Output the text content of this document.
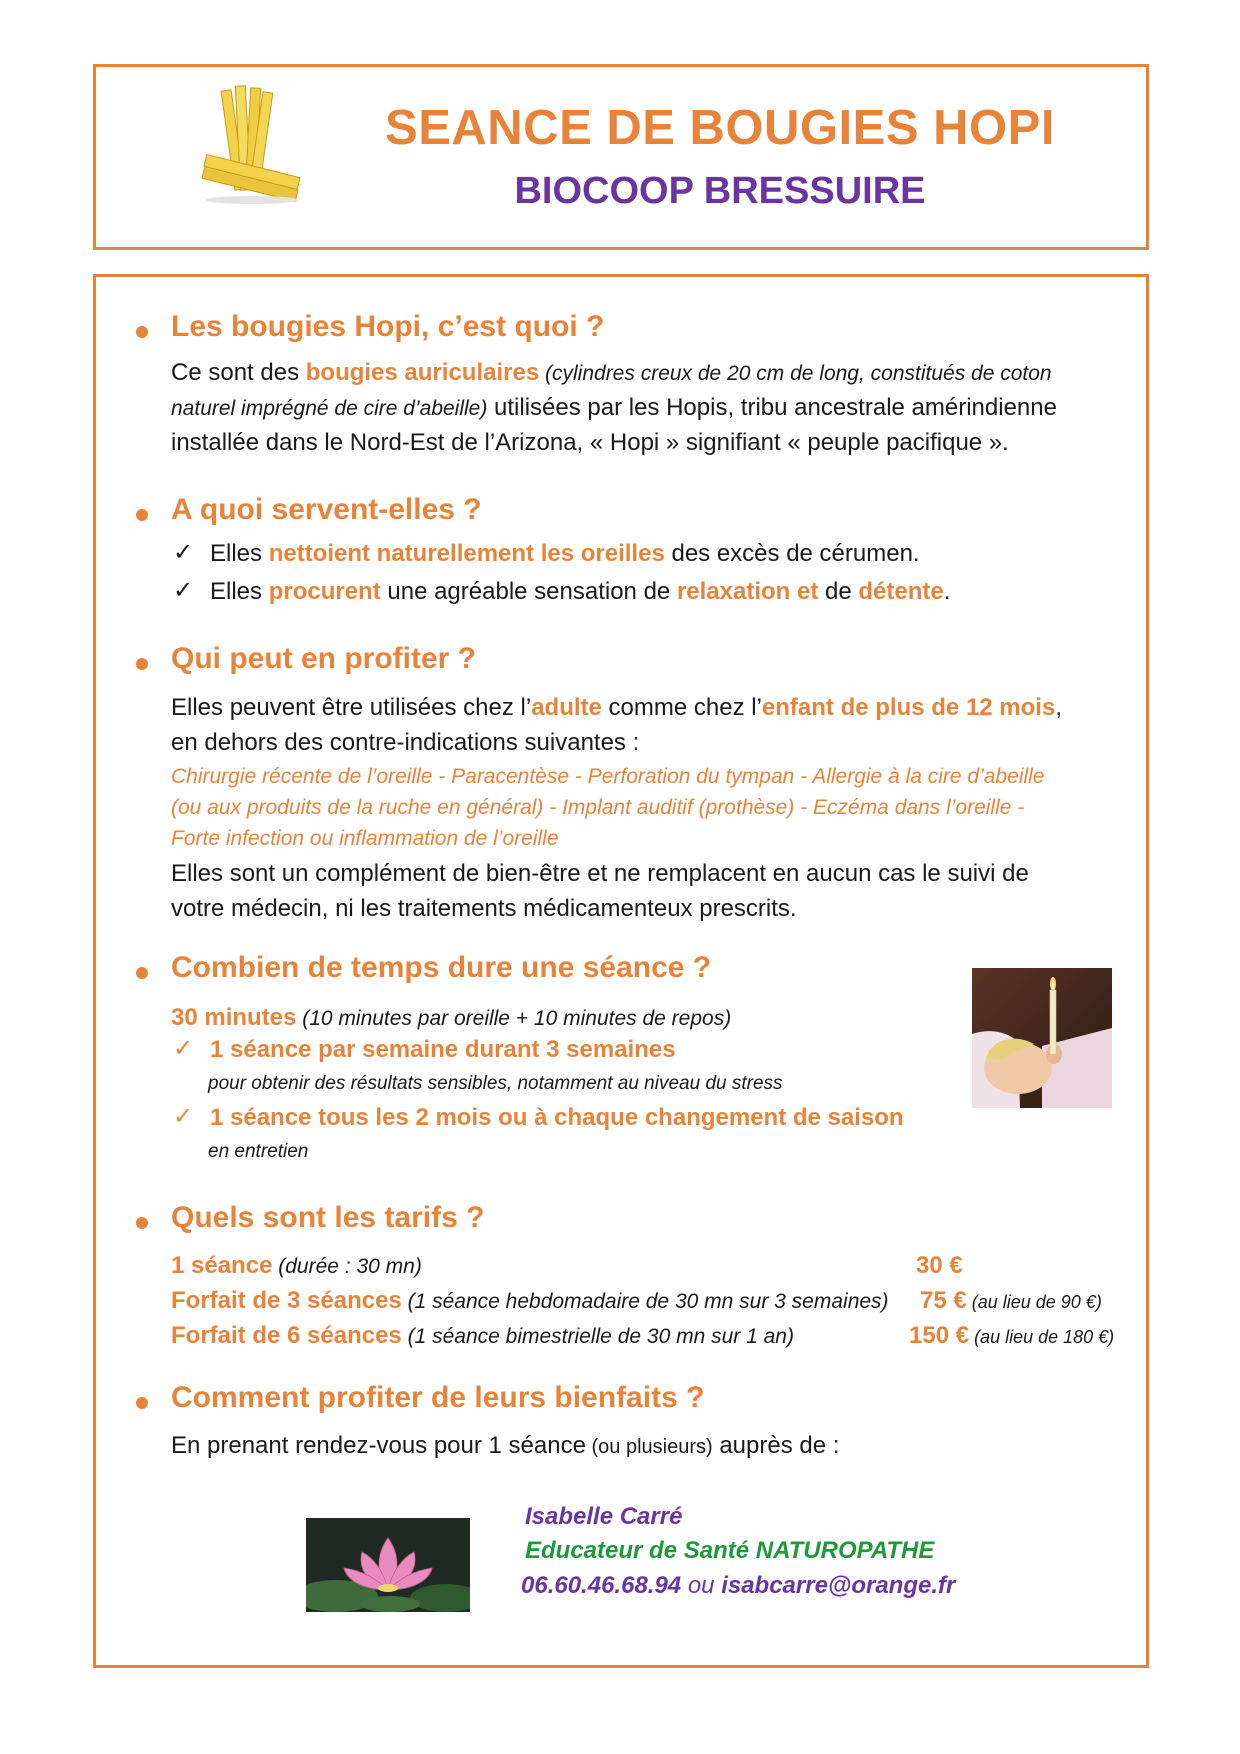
SEANCE DE BOUGIES HOPI
BIOCOOP BRESSUIRE
Les bougies Hopi, c’est quoi ?
Ce sont des bougies auriculaires (cylindres creux de 20 cm de long, constitués de coton
naturel imprégné de cire d’abeille) utilisées par les Hopis, tribu ancestrale amérindienne
installée dans le Nord-Est de l’Arizona, « Hopi » signifiant « peuple pacifique ».
A quoi servent-elles ?
✓ Elles nettoient naturellement les oreilles des excès de cérumen.
✓ Elles procurent une agréable sensation de relaxation et de détente.
Qui peut en profiter ?
Elles peuvent être utilisées chez l’adulte comme chez l’enfant de plus de 12 mois,
en dehors des contre-indications suivantes :
Chirurgie récente de l’oreille - Paracentèse - Perforation du tympan - Allergie à la cire d’abeille
(ou aux produits de la ruche en général) - Implant auditif (prothèse) - Eczéma dans l’oreille -
Forte infection ou inflammation de l’oreille
Elles sont un complément de bien-être et ne remplacent en aucun cas le suivi de
votre médecin, ni les traitements médicamenteux prescrits.
Combien de temps dure une séance ?
30 minutes (10 minutes par oreille + 10 minutes de repos)
✓ 1 séance par semaine durant 3 semaines
pour obtenir des résultats sensibles, notamment au niveau du stress
✓ 1 séance tous les 2 mois ou à chaque changement de saison
en entretien
Quels sont les tarifs ?
1 séance (durée : 30 mn)	30 €
Forfait de 3 séances (1 séance hebdomadaire de 30 mn sur 3 semaines) 75 € (au lieu de 90 €)
Forfait de 6 séances (1 séance bimestrielle de 30 mn sur 1 an)	150 € (au lieu de 180 €)
Comment profiter de leurs bienfaits ?
En prenant rendez-vous pour 1 séance (ou plusieurs) auprès de :
Isabelle Carré
Educateur de Santé NATUROPATHE
06.60.46.68.94 ou isabcarre@orange.fr
